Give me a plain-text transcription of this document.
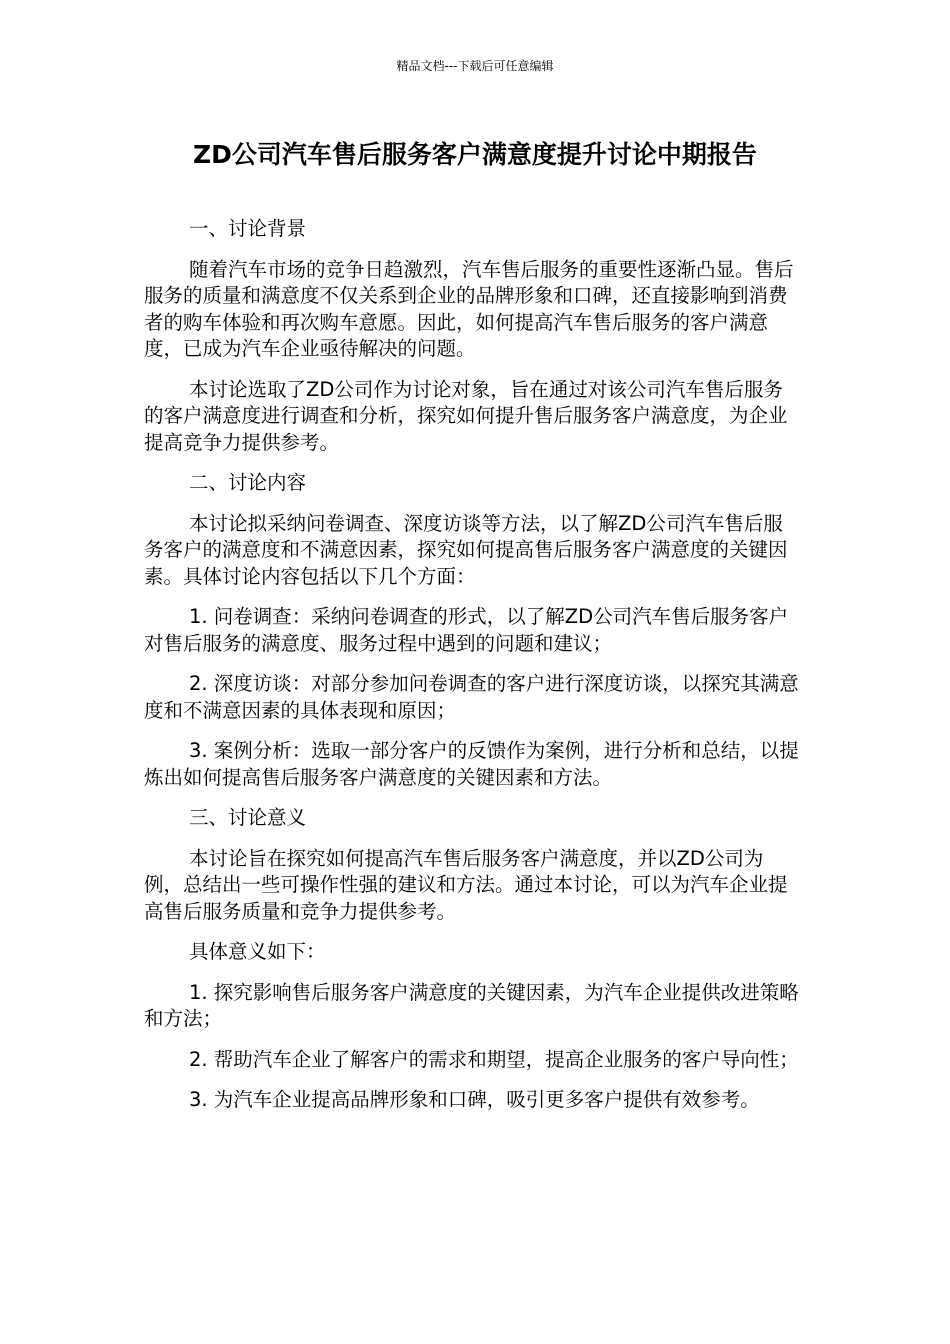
精品文档---下载后可任意编辑
ZD公司汽车售后服务客户满意度提升讨论中期报告

一、讨论背景

随着汽车市场的竞争日趋激烈，汽车售后服务的重要性逐渐凸显。售后服务的质量和满意度不仅关系到企业的品牌形象和口碑，还直接影响到消费者的购车体验和再次购车意愿。因此，如何提高汽车售后服务的客户满意度，已成为汽车企业亟待解决的问题。

本讨论选取了ZD公司作为讨论对象，旨在通过对该公司汽车售后服务的客户满意度进行调查和分析，探究如何提升售后服务客户满意度，为企业提高竞争力提供参考。

二、讨论内容

本讨论拟采纳问卷调查、深度访谈等方法，以了解ZD公司汽车售后服务客户的满意度和不满意因素，探究如何提高售后服务客户满意度的关键因素。具体讨论内容包括以下几个方面：

1. 问卷调查：采纳问卷调查的形式，以了解ZD公司汽车售后服务客户对售后服务的满意度、服务过程中遇到的问题和建议；

2. 深度访谈：对部分参加问卷调查的客户进行深度访谈，以探究其满意度和不满意因素的具体表现和原因；

3. 案例分析：选取一部分客户的反馈作为案例，进行分析和总结，以提炼出如何提高售后服务客户满意度的关键因素和方法。

三、讨论意义

本讨论旨在探究如何提高汽车售后服务客户满意度，并以ZD公司为例，总结出一些可操作性强的建议和方法。通过本讨论，可以为汽车企业提高售后服务质量和竞争力提供参考。

具体意义如下：

1. 探究影响售后服务客户满意度的关键因素，为汽车企业提供改进策略和方法；

2. 帮助汽车企业了解客户的需求和期望，提高企业服务的客户导向性；

3. 为汽车企业提高品牌形象和口碑，吸引更多客户提供有效参考。
